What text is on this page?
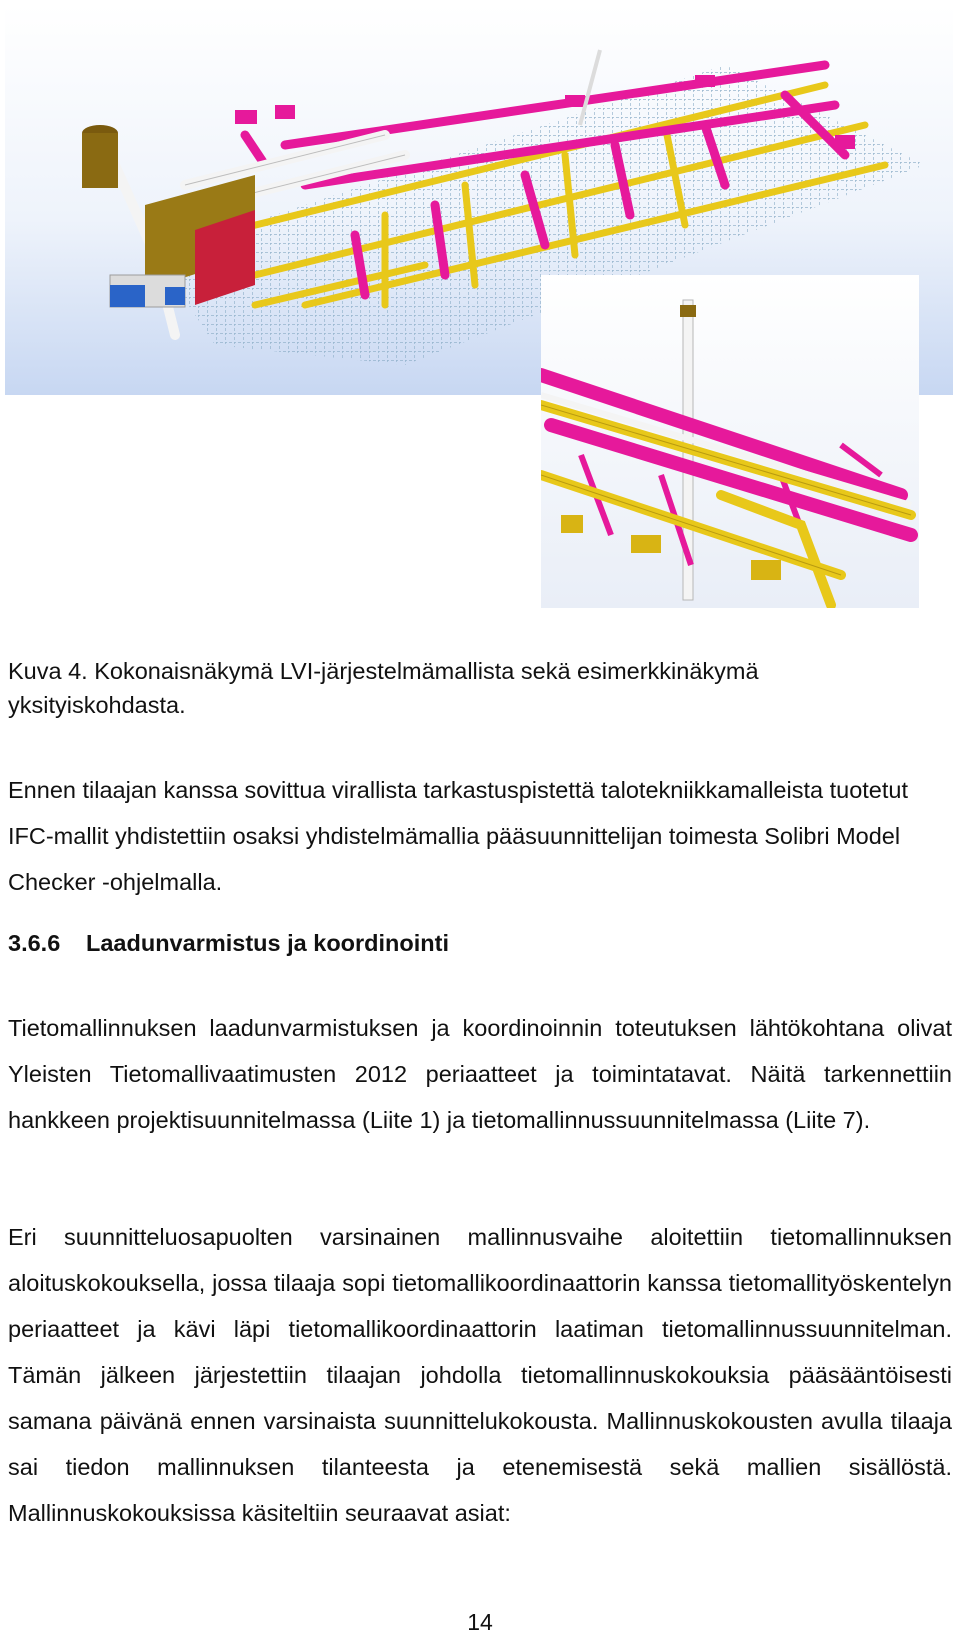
Kuva 4. Kokonaisnäkymä LVI-järjestelmämallista sekä esimerkkinäkymä
yksityiskohdasta.
Ennen tilaajan kanssa sovittua virallista tarkastuspistettä talotekniikkamalleista tuotetut IFC-mallit yhdistettiin osaksi yhdistelmämallia pääsuunnittelijan toimesta Solibri Model Checker -ohjelmalla.
3.6.6 Laadunvarmistus ja koordinointi
Tietomallinnuksen laadunvarmistuksen ja koordinoinnin toteutuksen lähtökohtana olivat Yleisten Tietomallivaatimusten 2012 periaatteet ja toimintatavat. Näitä tarkennettiin hankkeen projektisuunnitelmassa (Liite 1) ja tietomallinnussuunnitelmassa (Liite 7).
Eri suunnitteluosapuolten varsinainen mallinnusvaihe aloitettiin tietomallinnuksen aloituskokouksella, jossa tilaaja sopi tietomallikoordinaattorin kanssa tietomallityöskentelyn periaatteet ja kävi läpi tietomallikoordinaattorin laatiman tietomallinnussuunnitelman. Tämän jälkeen järjestettiin tilaajan johdolla tietomallinnuskokouksia pääsääntöisesti samana päivänä ennen varsinaista suunnittelukokousta. Mallinnuskokousten avulla tilaaja sai tiedon mallinnuksen tilanteesta ja etenemisestä sekä mallien sisällöstä. Mallinnuskokouksissa käsiteltiin seuraavat asiat:
14
